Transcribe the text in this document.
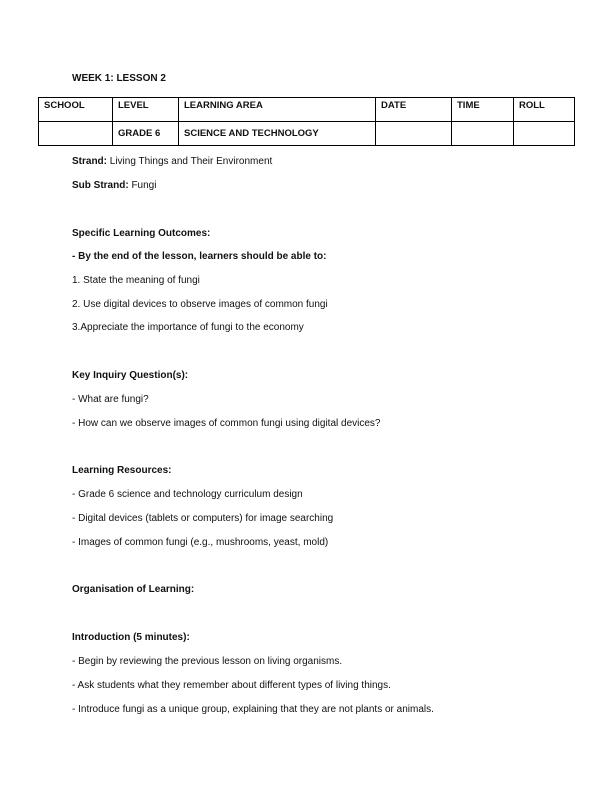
WEEK 1: LESSON 2
SCHOOL	LEVEL	LEARNING AREA	DATE	TIME	ROLL
	GRADE 6	SCIENCE AND TECHNOLOGY			
Strand: Living Things and Their Environment
Sub Strand: Fungi
Specific Learning Outcomes:
- By the end of the lesson, learners should be able to:
1. State the meaning of fungi
2. Use digital devices to observe images of common fungi
3.Appreciate the importance of fungi to the economy
Key Inquiry Question(s):
- What are fungi?
- How can we observe images of common fungi using digital devices?
Learning Resources:
- Grade 6 science and technology curriculum design
- Digital devices (tablets or computers) for image searching
- Images of common fungi (e.g., mushrooms, yeast, mold)
Organisation of Learning:
Introduction (5 minutes):
- Begin by reviewing the previous lesson on living organisms.
- Ask students what they remember about different types of living things.
- Introduce fungi as a unique group, explaining that they are not plants or animals.
